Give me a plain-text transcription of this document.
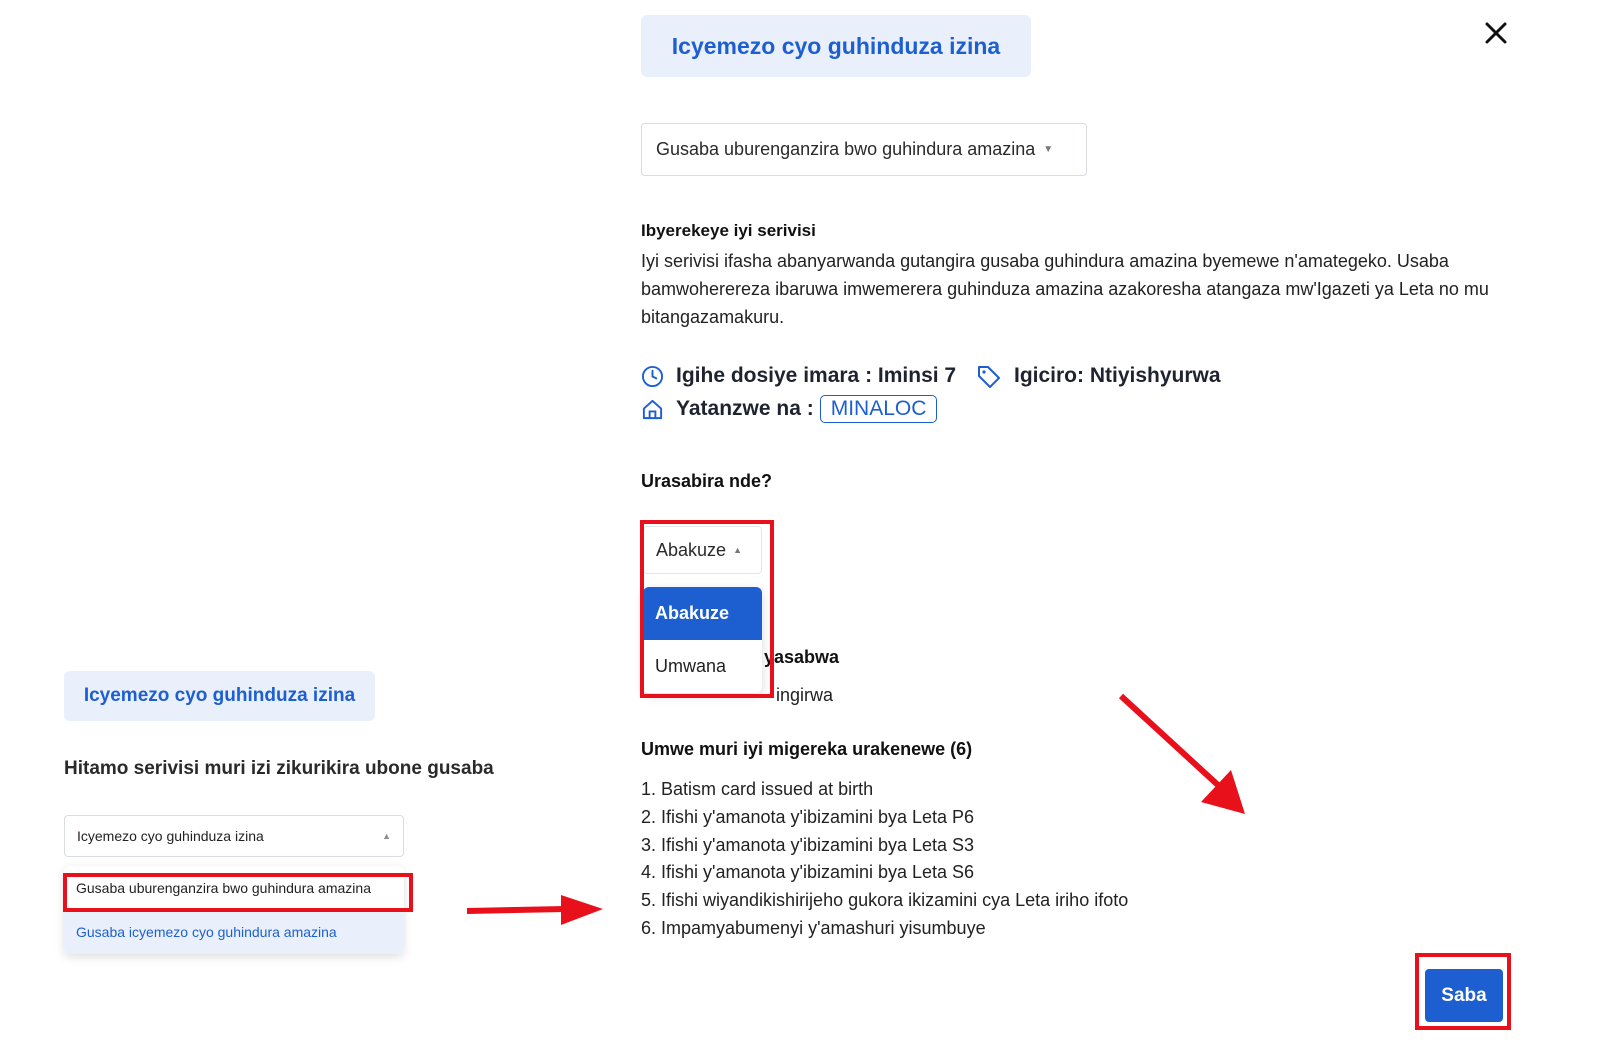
Icyemezo cyo guhinduza izina
Hitamo serivisi muri izi zikurikira ubone gusaba
Icyemezo cyo guhinduza izina	▲
Gusaba uburenganzira bwo guhindura amazina
Gusaba icyemezo cyo guhindura amazina
Icyemezo cyo guhinduza izina
Gusaba uburenganzira bwo guhindura amazina ▼
Ibyerekeye iyi serivisi
Iyi serivisi ifasha abanyarwanda gutangira gusaba guhindura amazina byemewe n'amategeko. Usaba bamwoherereza ibaruwa imwemerera guhinduza amazina azakoresha atangaza mw'Igazeti ya Leta no mu bitangazamakuru.
Igihe dosiye imara : Iminsi 7	Igiciro: Ntiyishyurwa
Yatanzwe na : MINALOC
Urasabira nde?
Abakuze ▲
yasabwa
ingirwa
Abakuze
Umwana
Umwe muri iyi migereka urakenewe (6)
1. Batism card issued at birth
2. Ifishi y'amanota y'ibizamini bya Leta P6
3. Ifishi y'amanota y'ibizamini bya Leta S3
4. Ifishi y'amanota y'ibizamini bya Leta S6
5. Ifishi wiyandikishirijeho gukora ikizamini cya Leta iriho ifoto
6. Impamyabumenyi y'amashuri yisumbuye
Saba
